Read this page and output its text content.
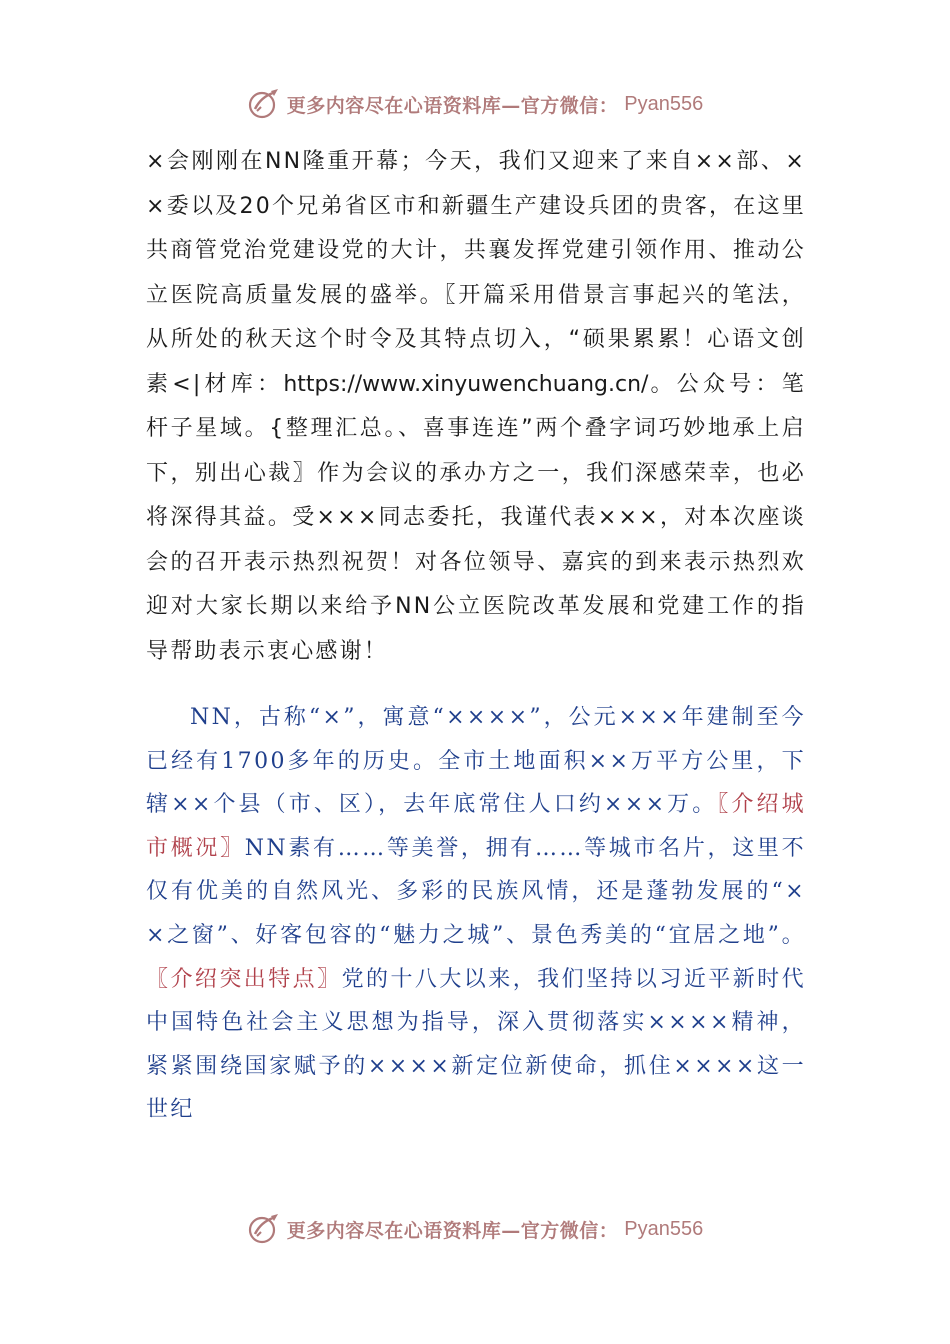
更多内容尽在心语资料库—官方微信： Pyan556

×会刚刚在NN隆重开幕；今天，我们又迎来了来自××部、××委以及20个兄弟省区市和新疆生产建设兵团的贵客，在这里共商管党治党建设党的大计，共襄发挥党建引领作用、推动公立医院高质量发展的盛举。〖开篇采用借景言事起兴的笔法，从所处的秋天这个时令及其特点切入，“硕果累累！心语文创素<|材库：https://www.xinyuwenchuang.cn/。公众号：笔杆子星域。{整理汇总。、喜事连连”两个叠字词巧妙地承上启下，别出心裁〗作为会议的承办方之一，我们深感荣幸，也必将深得其益。受×××同志委托，我谨代表×××，对本次座谈会的召开表示热烈祝贺！对各位领导、嘉宾的到来表示热烈欢迎对大家长期以来给予NN公立医院改革发展和党建工作的指导帮助表示衷心感谢！

NN，古称“×”，寓意“××××”，公元×××年建制至今已经有1700多年的历史。全市土地面积××万平方公里，下辖××个县（市、区），去年底常住人口约×××万。〖介绍城市概况〗NN素有……等美誉，拥有……等城市名片，这里不仅有优美的自然风光、多彩的民族风情，还是蓬勃发展的“××之窗”、好客包容的“魅力之城”、景色秀美的“宜居之地”。〖介绍突出特点〗党的十八大以来，我们坚持以习近平新时代中国特色社会主义思想为指导，深入贯彻落实××××精神，紧紧围绕国家赋予的××××新定位新使命，抓住××××这一世纪

更多内容尽在心语资料库—官方微信： Pyan556
